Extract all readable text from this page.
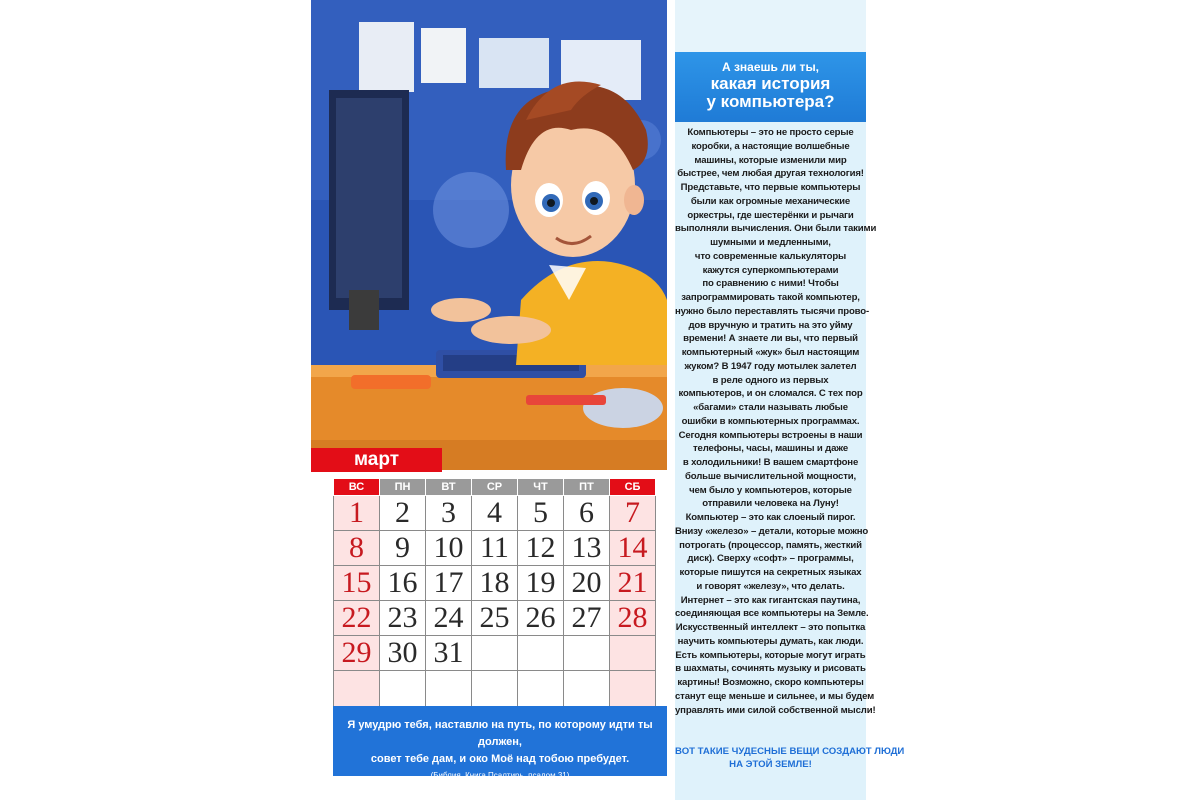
март
ВС	ПН	ВТ	СР	ЧТ	ПТ	СБ
1	2	3	4	5	6	7
8	9	10	11	12	13	14
15	16	17	18	19	20	21
22	23	24	25	26	27	28
29	30	31				

Я умудрю тебя, наставлю на путь, по которому идти ты должен,
совет тебе дам, и око Моё над тобою пребудет.
(Библия, Книга Псалтирь, псалом 31)
А знаешь ли ты,
какая история
у компьютера?
Компьютеры – это не просто серые
коробки, а настоящие волшебные
машины, которые изменили мир
быстрее, чем любая другая технология!
Представьте, что первые компьютеры
были как огромные механические
оркестры, где шестерёнки и рычаги
выполняли вычисления. Они были такими
шумными и медленными,
что современные калькуляторы
кажутся суперкомпьютерами
по сравнению с ними! Чтобы
запрограммировать такой компьютер,
нужно было переставлять тысячи прово-
дов вручную и тратить на это уйму
времени! А знаете ли вы, что первый
компьютерный «жук» был настоящим
жуком? В 1947 году мотылек залетел
в реле одного из первых
компьютеров, и он сломался. С тех пор
«багами» стали называть любые
ошибки в компьютерных программах.
Сегодня компьютеры встроены в наши
телефоны, часы, машины и даже
в холодильники! В вашем смартфоне
больше вычислительной мощности,
чем было у компьютеров, которые
отправили человека на Луну!
Компьютер – это как слоеный пирог.
Внизу «железо» – детали, которые можно
потрогать (процессор, память, жесткий
диск). Сверху «софт» – программы,
которые пишутся на секретных языках
и говорят «железу», что делать.
Интернет – это как гигантская паутина,
соединяющая все компьютеры на Земле.
Искусственный интеллект – это попытка
научить компьютеры думать, как люди.
Есть компьютеры, которые могут играть
в шахматы, сочинять музыку и рисовать
картины! Возможно, скоро компьютеры
станут еще меньше и сильнее, и мы будем
управлять ими силой собственной мысли!
ВОТ ТАКИЕ ЧУДЕСНЫЕ ВЕЩИ СОЗДАЮТ ЛЮДИ
НА ЭТОЙ ЗЕМЛЕ!
